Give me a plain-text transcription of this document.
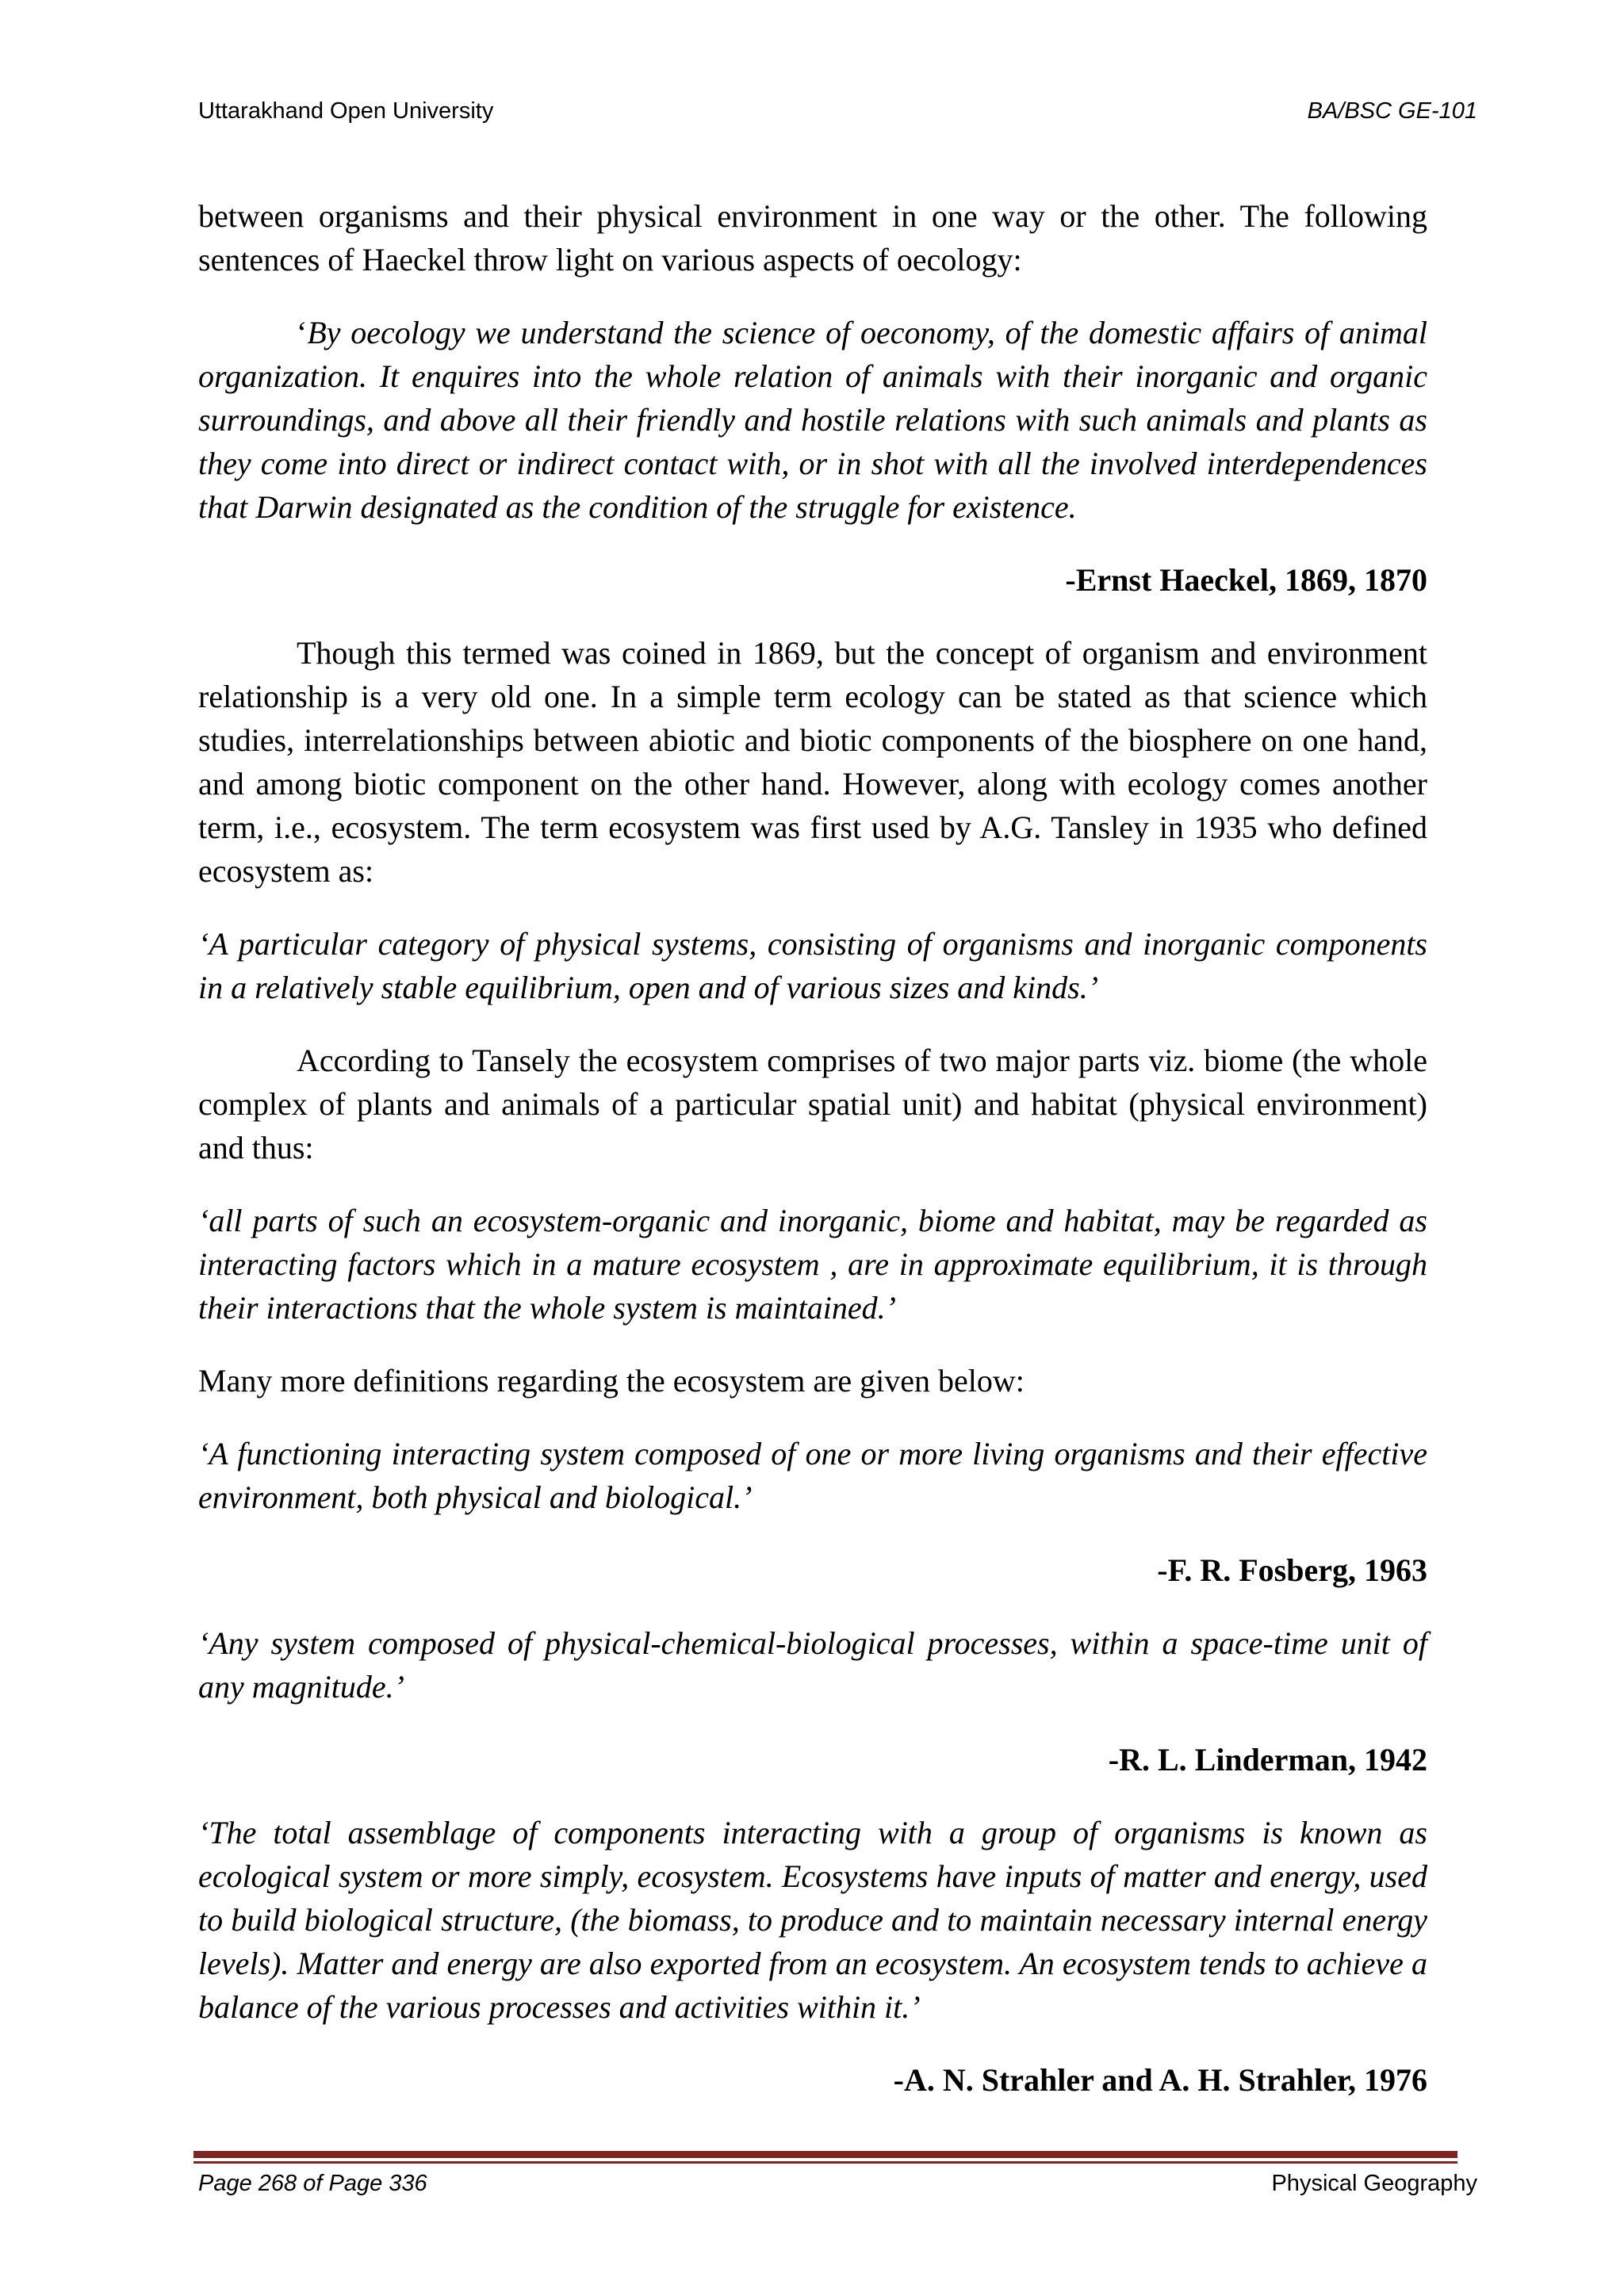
Uttarakhand Open University	BA/BSC GE-101

between organisms and their physical environment in one way or the other. The following sentences of Haeckel throw light on various aspects of oecology:

‘By oecology we understand the science of oeconomy, of the domestic affairs of animal organization. It enquires into the whole relation of animals with their inorganic and organic surroundings, and above all their friendly and hostile relations with such animals and plants as they come into direct or indirect contact with, or in shot with all the involved interdependences that Darwin designated as the condition of the struggle for existence.

-Ernst Haeckel, 1869, 1870

Though this termed was coined in 1869, but the concept of organism and environment relationship is a very old one. In a simple term ecology can be stated as that science which studies, interrelationships between abiotic and biotic components of the biosphere on one hand, and among biotic component on the other hand. However, along with ecology comes another term, i.e., ecosystem. The term ecosystem was first used by A.G. Tansley in 1935 who defined ecosystem as:

‘A particular category of physical systems, consisting of organisms and inorganic components in a relatively stable equilibrium, open and of various sizes and kinds.’

According to Tansely the ecosystem comprises of two major parts viz. biome (the whole complex of plants and animals of a particular spatial unit) and habitat (physical environment) and thus:

‘all parts of such an ecosystem-organic and inorganic, biome and habitat, may be regarded as interacting factors which in a mature ecosystem , are in approximate equilibrium, it is through their interactions that the whole system is maintained.’

Many more definitions regarding the ecosystem are given below:

‘A functioning interacting system composed of one or more living organisms and their effective environment, both physical and biological.’

-F. R. Fosberg, 1963

‘Any system composed of physical-chemical-biological processes, within a space-time unit of any magnitude.’

-R. L. Linderman, 1942

‘The total assemblage of components interacting with a group of organisms is known as ecological system or more simply, ecosystem. Ecosystems have inputs of matter and energy, used to build biological structure, (the biomass, to produce and to maintain necessary internal energy levels). Matter and energy are also exported from an ecosystem. An ecosystem tends to achieve a balance of the various processes and activities within it.’

-A. N. Strahler and A. H. Strahler, 1976

Page 268 of Page 336	Physical Geography
